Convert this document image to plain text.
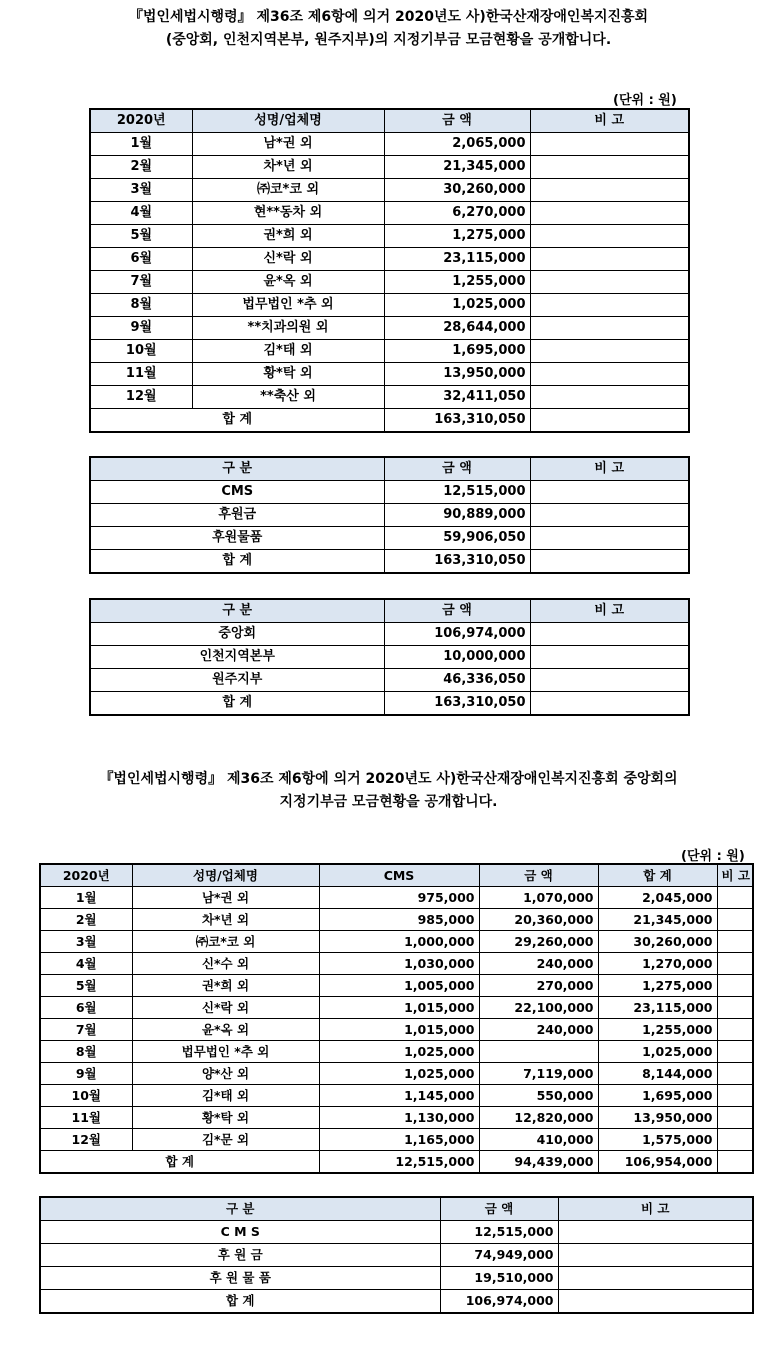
『법인세법시행령』 제36조 제6항에 의거 2020년도 사)한국산재장애인복지진흥회
(중앙회, 인천지역본부, 원주지부)의 지정기부금 모금현황을 공개합니다.
(단위 : 원)
2020년	성명/업체명	금 액	비 고
1월	남*권 외	2,065,000	
2월	차*년 외	21,345,000	
3월	㈜코*코 외	30,260,000	
4월	현**동차 외	6,270,000	
5월	권*희 외	1,275,000	
6월	신*락 외	23,115,000	
7월	윤*옥 외	1,255,000	
8월	법무법인 *추 외	1,025,000	
9월	**치과의원 외	28,644,000	
10월	김*태 외	1,695,000	
11월	황*탁 외	13,950,000	
12월	**축산 외	32,411,050	
합 계		163,310,050	
구 분	금 액	비 고
CMS	12,515,000	
후원금	90,889,000	
후원물품	59,906,050	
합 계	163,310,050	
구 분	금 액	비 고
중앙회	106,974,000	
인천지역본부	10,000,000	
원주지부	46,336,050	
합 계	163,310,050	
『법인세법시행령』 제36조 제6항에 의거 2020년도 사)한국산재장애인복지진흥회 중앙회의
지정기부금 모금현황을 공개합니다.
(단위 : 원)
2020년	성명/업체명	CMS	금 액	합 계	비 고
1월	남*권 외	975,000	1,070,000	2,045,000	
2월	차*년 외	985,000	20,360,000	21,345,000	
3월	㈜코*코 외	1,000,000	29,260,000	30,260,000	
4월	신*수 외	1,030,000	240,000	1,270,000	
5월	권*희 외	1,005,000	270,000	1,275,000	
6월	신*락 외	1,015,000	22,100,000	23,115,000	
7월	윤*옥 외	1,015,000	240,000	1,255,000	
8월	법무법인 *추 외	1,025,000		1,025,000	
9월	양*산 외	1,025,000	7,119,000	8,144,000	
10월	김*태 외	1,145,000	550,000	1,695,000	
11월	황*탁 외	1,130,000	12,820,000	13,950,000	
12월	김*문 외	1,165,000	410,000	1,575,000	
합 계		12,515,000	94,439,000	106,954,000	
구 분	금 액	비 고
C M S	12,515,000	
후 원 금	74,949,000	
후 원 물 품	19,510,000	
합 계	106,974,000	
